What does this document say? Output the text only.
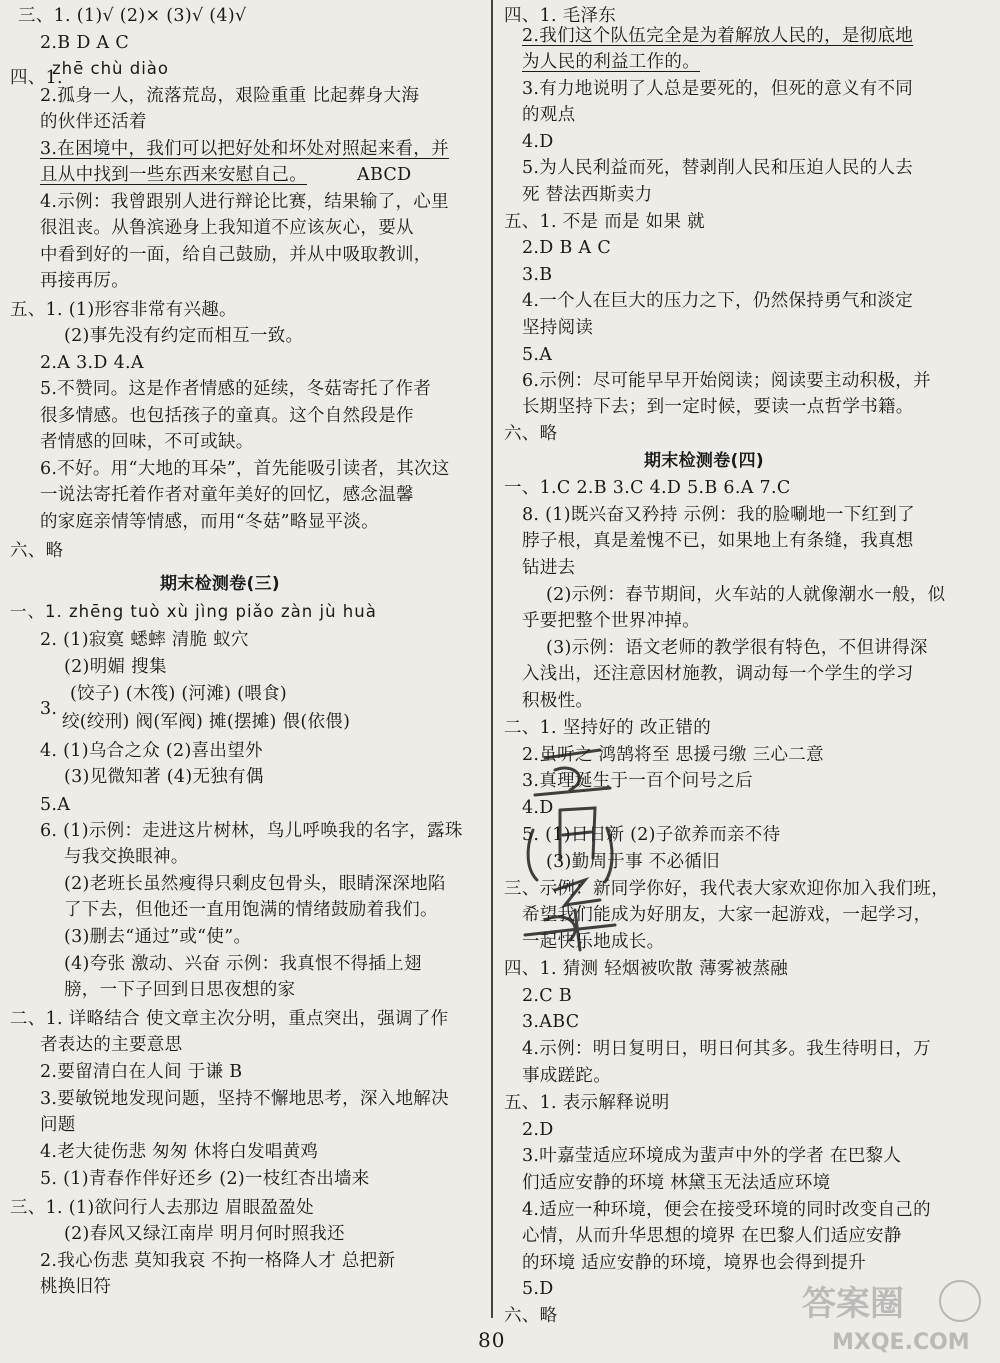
三、1. (1)√ (2)× (3)√ (4)√
2.B D A C
zhē chù diào
四、1.
2.孤身一人，流落荒岛，艰险重重 比起葬身大海
的伙伴还活着
3.在困境中，我们可以把好处和坏处对照起来看，并
且从中找到一些东西来安慰自己。	ABCD
4.示例：我曾跟别人进行辩论比赛，结果输了，心里
很沮丧。从鲁滨逊身上我知道不应该灰心，要从
中看到好的一面，给自己鼓励，并从中吸取教训，
再接再厉。
五、1. (1)形容非常有兴趣。
(2)事先没有约定而相互一致。
2.A 3.D 4.A
5.不赞同。这是作者情感的延续，冬菇寄托了作者
很多情感。也包括孩子的童真。这个自然段是作
者情感的回味，不可或缺。
6.不好。用“大地的耳朵”，首先能吸引读者，其次这
一说法寄托着作者对童年美好的回忆，感念温馨
的家庭亲情等情感，而用“冬菇”略显平淡。
六、略
期末检测卷(三)
一、1. zhēng tuò xù jìng piǎo zàn jù huà
2. (1)寂寞 蟋蟀 清脆 蚁穴
(2)明媚 搜集
(饺子) (木筏) (河滩) (喂食)
3.
绞(绞刑) 阀(军阀) 摊(摆摊) 偎(依偎)
4. (1)乌合之众 (2)喜出望外
(3)见微知著 (4)无独有偶
5.A
6. (1)示例：走进这片树林，鸟儿呼唤我的名字，露珠
与我交换眼神。
(2)老班长虽然瘦得只剩皮包骨头，眼睛深深地陷
了下去，但他还一直用饱满的情绪鼓励着我们。
(3)删去“通过”或“使”。
(4)夸张 激动、兴奋 示例：我真恨不得插上翅
膀，一下子回到日思夜想的家
二、1. 详略结合 使文章主次分明，重点突出，强调了作
者表达的主要意思
2.要留清白在人间 于谦 B
3.要敏锐地发现问题，坚持不懈地思考，深入地解决
问题
4.老大徒伤悲 匆匆 休将白发唱黄鸡
5. (1)青春作伴好还乡 (2)一枝红杏出墙来
三、1. (1)欲问行人去那边 眉眼盈盈处
(2)春风又绿江南岸 明月何时照我还
2.我心伤悲 莫知我哀 不拘一格降人才 总把新
桃换旧符
四、1. 毛泽东
2.我们这个队伍完全是为着解放人民的，是彻底地
为人民的利益工作的。
3.有力地说明了人总是要死的，但死的意义有不同
的观点
4.D
5.为人民利益而死，替剥削人民和压迫人民的人去
死 替法西斯卖力
五、1. 不是 而是 如果 就
2.D B A C
3.B
4.一个人在巨大的压力之下，仍然保持勇气和淡定
坚持阅读
5.A
6.示例：尽可能早早开始阅读；阅读要主动积极，并
长期坚持下去；到一定时候，要读一点哲学书籍。
六、略
期末检测卷(四)
一、1.C 2.B 3.C 4.D 5.B 6.A 7.C
8. (1)既兴奋又矜持 示例：我的脸唰地一下红到了
脖子根，真是羞愧不已，如果地上有条缝，我真想
钻进去
(2)示例：春节期间，火车站的人就像潮水一般，似
乎要把整个世界冲掉。
(3)示例：语文老师的教学很有特色，不但讲得深
入浅出，还注意因材施教，调动每一个学生的学习
积极性。
二、1. 坚持好的 改正错的
2.虽听之 鸿鹄将至 思援弓缴 三心二意
3.真理诞生于一百个问号之后
4.D
5. (1)日日新 (2)子欲养而亲不待
(3)勤周于事 不必循旧
三、示例：新同学你好，我代表大家欢迎你加入我们班，
希望我们能成为好朋友，大家一起游戏，一起学习，
一起快乐地成长。
四、1. 猜测 轻烟被吹散 薄雾被蒸融
2.C B
3.ABC
4.示例：明日复明日，明日何其多。我生待明日，万
事成蹉跎。
五、1. 表示解释说明
2.D
3.叶嘉莹适应环境成为蜚声中外的学者 在巴黎人
们适应安静的环境 林黛玉无法适应环境
4.适应一种环境，便会在接受环境的同时改变自己的
心情，从而升华思想的境界 在巴黎人们适应安静
的环境 适应安静的环境，境界也会得到提升
5.D
六、略	答案圈
MXQE.COM
80
